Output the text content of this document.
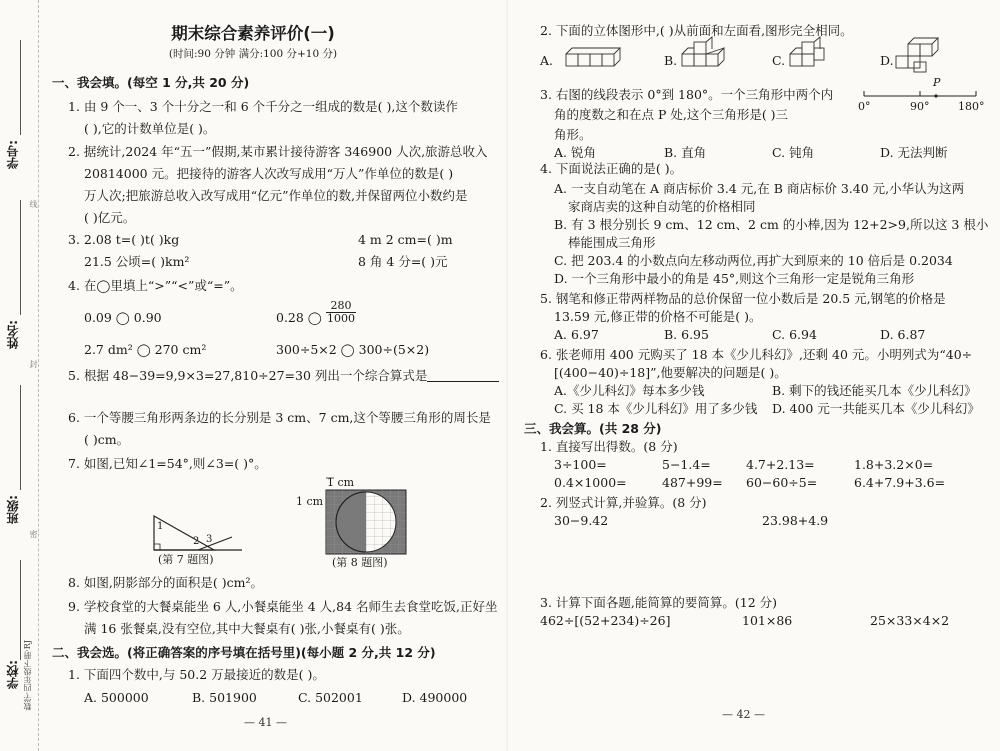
学校:
班级:
姓名:
学号:
数学·四年级下册·RJ
线
封
密
期末综合素养评价(一)
(时间:90 分钟 满分:100 分+10 分)
一、我会填。(每空 1 分,共 20 分)
1. 由 9 个一、3 个十分之一和 6 个千分之一组成的数是( ),这个数读作
( ),它的计数单位是( )。
2. 据统计,2024 年“五一”假期,某市累计接待游客 346900 人次,旅游总收入
20814000 元。把接待的游客人次改写成用“万人”作单位的数是( )
万人次;把旅游总收入改写成用“亿元”作单位的数,并保留两位小数约是
( )亿元。
3. 2.08 t=( )t( )kg	4 m 2 cm=( )m
21.5 公顷=( )km²	8 角 4 分=( )元
4. 在◯里填上“>”“<”或“=”。
0.09 ◯ 0.90	0.28 ◯ $\frac{280}{1000}$
2.7 dm² ◯ 270 cm²	300÷5×2 ◯ 300÷(5×2)
5. 根据 48−39=9,9×3=27,810÷27=30 列出一个综合算式是
6. 一个等腰三角形两条边的长分别是 3 cm、7 cm,这个等腰三角形的周长是
( )cm。
7. 如图,已知∠1=54°,则∠3=( )°。
1
2 3
(第 7 题图)
1 cm
1 cm
(第 8 题图)
8. 如图,阴影部分的面积是( )cm²。
9. 学校食堂的大餐桌能坐 6 人,小餐桌能坐 4 人,84 名师生去食堂吃饭,正好坐
满 16 张餐桌,没有空位,其中大餐桌有( )张,小餐桌有( )张。
二、我会选。(将正确答案的序号填在括号里)(每小题 2 分,共 12 分)
1. 下面四个数中,与 50.2 万最接近的数是( )。
A. 500000	B. 501900	C. 502001	D. 490000
— 41 —
2. 下面的立体图形中,( )从前面和左面看,图形完全相同。
A.	B.	C.	D.
3. 右图的线段表示 0°到 180°。一个三角形中两个内
角的度数之和在点 P 处,这个三角形是( )三
角形。
P
0°	90°	180°
A. 锐角	B. 直角	C. 钝角	D. 无法判断
4. 下面说法正确的是( )。
A. 一支自动笔在 A 商店标价 3.4 元,在 B 商店标价 3.40 元,小华认为这两
家商店卖的这种自动笔的价格相同
B. 有 3 根分别长 9 cm、12 cm、2 cm 的小棒,因为 12+2>9,所以这 3 根小
棒能围成三角形
C. 把 203.4 的小数点向左移动两位,再扩大到原来的 10 倍后是 0.2034
D. 一个三角形中最小的角是 45°,则这个三角形一定是锐角三角形
5. 钢笔和修正带两样物品的总价保留一位小数后是 20.5 元,钢笔的价格是
13.59 元,修正带的价格不可能是( )。
A. 6.97	B. 6.95	C. 6.94	D. 6.87
6. 张老师用 400 元购买了 18 本《少儿科幻》,还剩 40 元。小明列式为“40÷
[(400−40)÷18]”,他要解决的问题是( )。
A.《少儿科幻》每本多少钱	B. 剩下的钱还能买几本《少儿科幻》
C. 买 18 本《少儿科幻》用了多少钱 D. 400 元一共能买几本《少儿科幻》
三、我会算。(共 28 分)
1. 直接写出得数。(8 分)
3÷100=	5−1.4=	4.7+2.13=	1.8+3.2×0=
0.4×1000=	487+99= 60−60÷5=	6.4+7.9+3.6=
2. 列竖式计算,并验算。(8 分)
30−9.42	23.98+4.9
3. 计算下面各题,能简算的要简算。(12 分)
462÷[(52+234)÷26]	101×86	25×33×4×2
— 42 —
